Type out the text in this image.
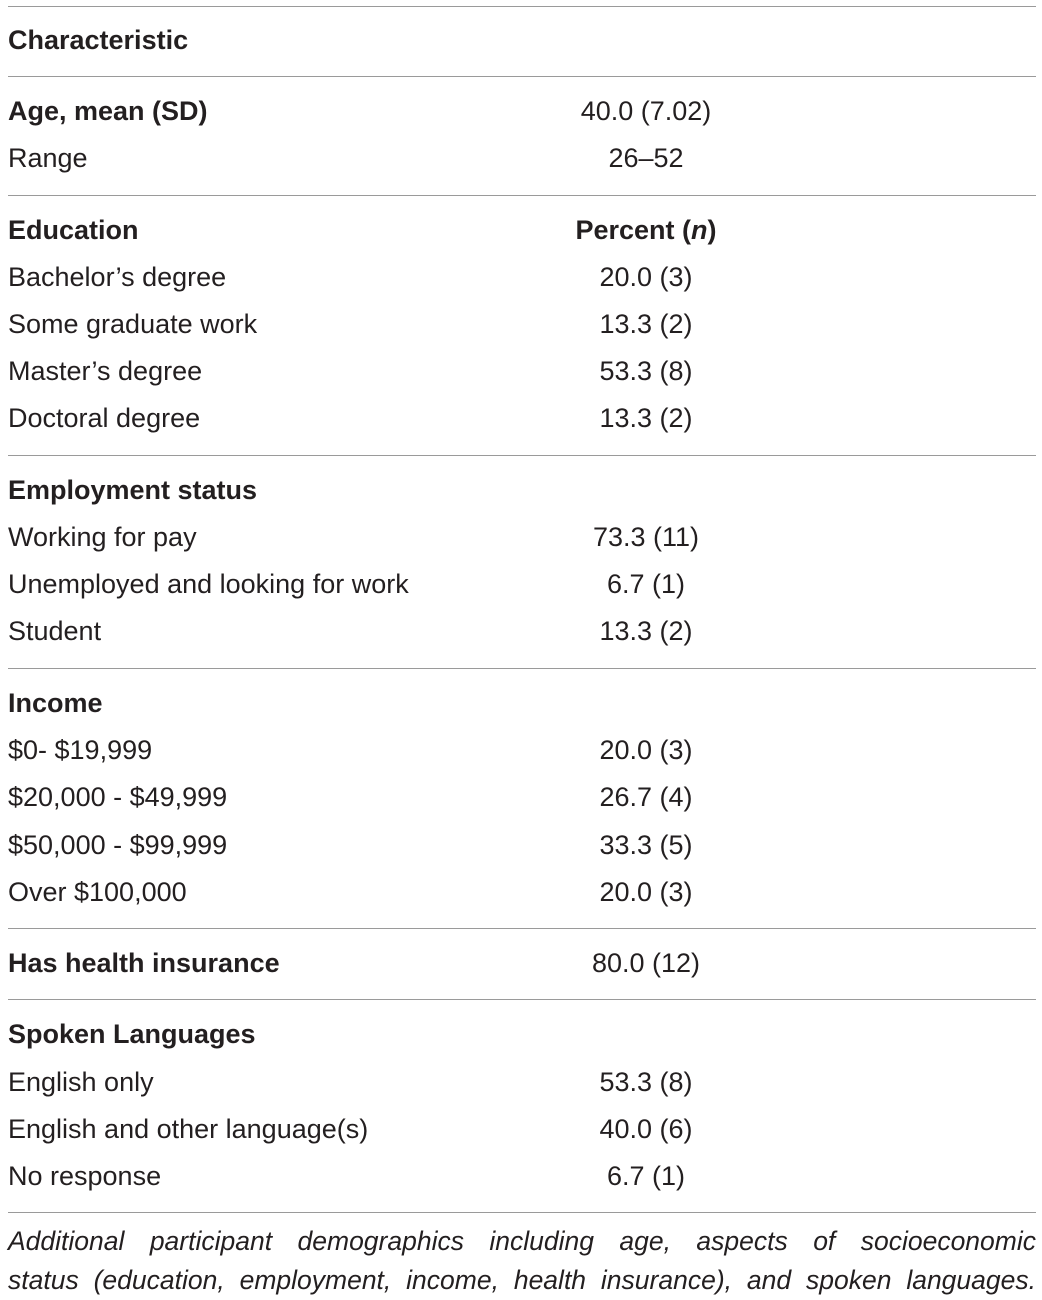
Characteristic
Age, mean (SD)	40.0 (7.02)
Range	26–52
Education	Percent (n)
Bachelor’s degree	20.0 (3)
Some graduate work	13.3 (2)
Master’s degree	53.3 (8)
Doctoral degree	13.3 (2)
Employment status
Working for pay	73.3 (11)
Unemployed and looking for work	6.7 (1)
Student	13.3 (2)
Income
$0- $19,999	20.0 (3)
$20,000 - $49,999	26.7 (4)
$50,000 - $99,999	33.3 (5)
Over $100,000	20.0 (3)
Has health insurance	80.0 (12)
Spoken Languages
English only	53.3 (8)
English and other language(s)	40.0 (6)
No response	6.7 (1)
Additional participant demographics including age, aspects of socioeconomic
status (education, employment, income, health insurance), and spoken languages.
